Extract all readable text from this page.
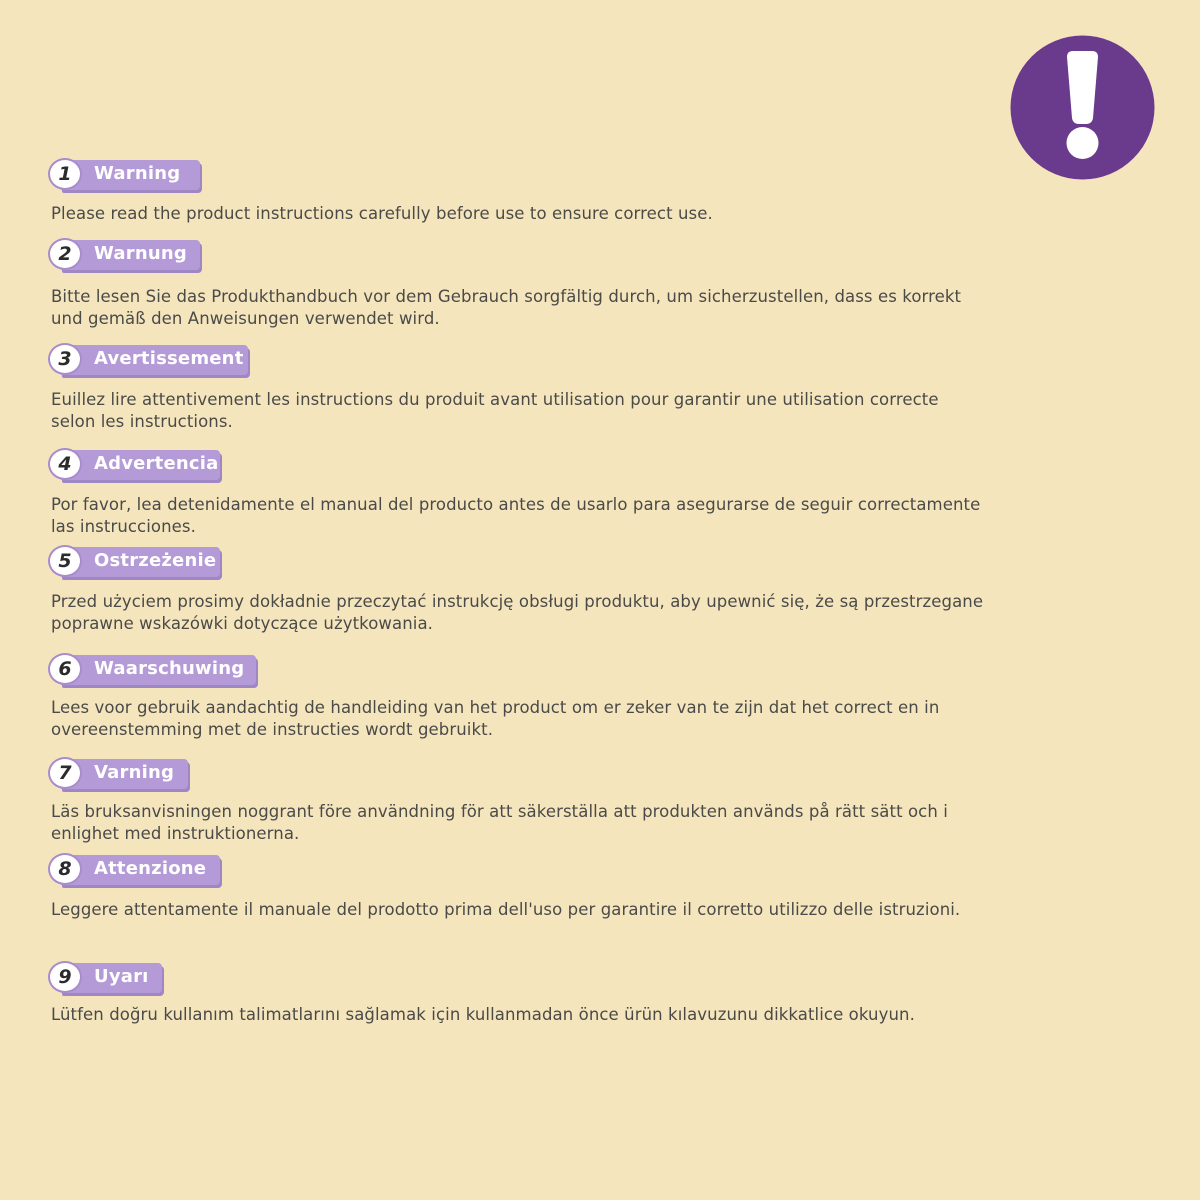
1	Warning
Please read the product instructions carefully before use to ensure correct use.
2	Warnung
Bitte lesen Sie das Produkthandbuch vor dem Gebrauch sorgfältig durch, um sicherzustellen, dass es korrekt und gemäß den Anweisungen verwendet wird.
3	Avertissement
Euillez lire attentivement les instructions du produit avant utilisation pour garantir une utilisation correcte selon les instructions.
4	Advertencia
Por favor, lea detenidamente el manual del producto antes de usarlo para asegurarse de seguir correctamente las instrucciones.
5	Ostrzeżenie
Przed użyciem prosimy dokładnie przeczytać instrukcję obsługi produktu, aby upewnić się, że są przestrzegane poprawne wskazówki dotyczące użytkowania.
6	Waarschuwing
Lees voor gebruik aandachtig de handleiding van het product om er zeker van te zijn dat het correct en in overeenstemming met de instructies wordt gebruikt.
7	Varning
Läs bruksanvisningen noggrant före användning för att säkerställa att produkten används på rätt sätt och i enlighet med instruktionerna.
8	Attenzione
Leggere attentamente il manuale del prodotto prima dell'uso per garantire il corretto utilizzo delle istruzioni.
9	Uyarı
Lütfen doğru kullanım talimatlarını sağlamak için kullanmadan önce ürün kılavuzunu dikkatlice okuyun.
